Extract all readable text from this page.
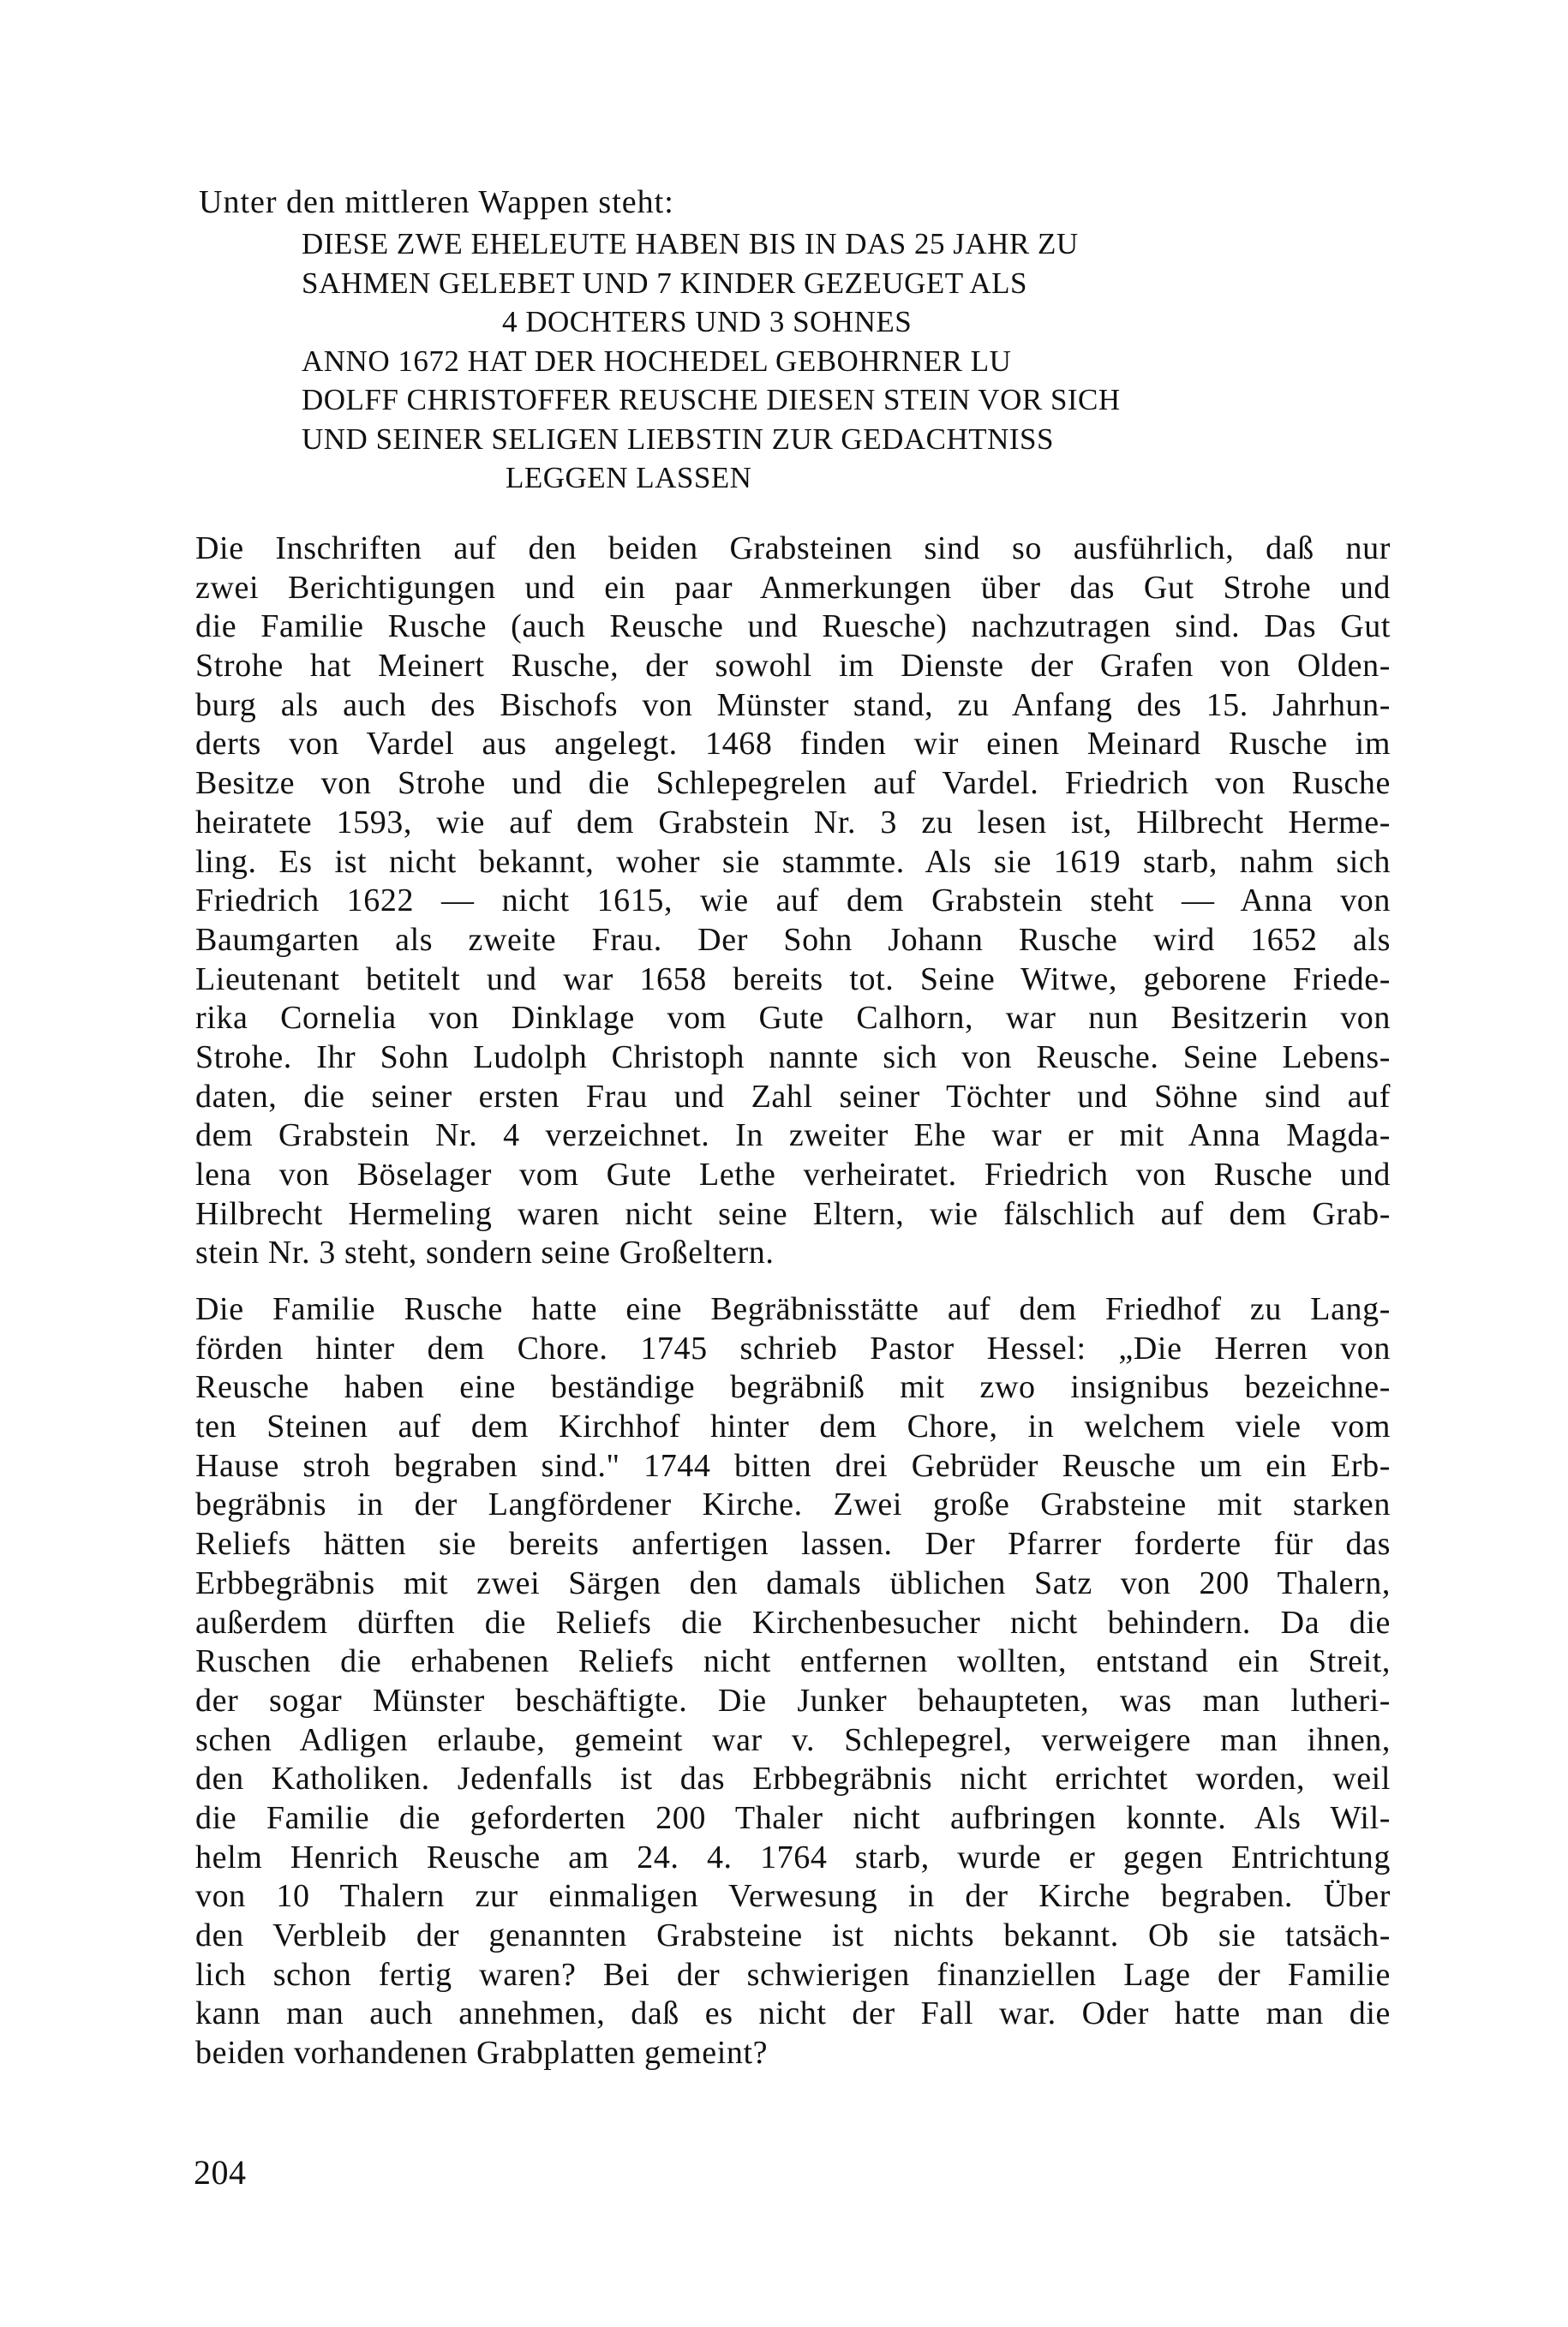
Unter den mittleren Wappen steht:

DIESE ZWE EHELEUTE HABEN BIS IN DAS 25 JAHR ZU
SAHMEN GELEBET UND 7 KINDER GEZEUGET ALS
4 DOCHTERS UND 3 SOHNES
ANNO 1672 HAT DER HOCHEDEL GEBOHRNER LU
DOLFF CHRISTOFFER REUSCHE DIESEN STEIN VOR SICH
UND SEINER SELIGEN LIEBSTIN ZUR GEDACHTNISS
LEGGEN LASSEN
Die Inschriften auf den beiden Grabsteinen sind so ausführlich, daß nur
zwei Berichtigungen und ein paar Anmerkungen über das Gut Strohe und
die Familie Rusche (auch Reusche und Ruesche) nachzutragen sind. Das Gut
Strohe hat Meinert Rusche, der sowohl im Dienste der Grafen von Olden-
burg als auch des Bischofs von Münster stand, zu Anfang des 15. Jahrhun-
derts von Vardel aus angelegt. 1468 finden wir einen Meinard Rusche im
Besitze von Strohe und die Schlepegrelen auf Vardel. Friedrich von Rusche
heiratete 1593, wie auf dem Grabstein Nr. 3 zu lesen ist, Hilbrecht Herme-
ling. Es ist nicht bekannt, woher sie stammte. Als sie 1619 starb, nahm sich
Friedrich 1622 — nicht 1615, wie auf dem Grabstein steht — Anna von
Baumgarten als zweite Frau. Der Sohn Johann Rusche wird 1652 als
Lieutenant betitelt und war 1658 bereits tot. Seine Witwe, geborene Friede-
rika Cornelia von Dinklage vom Gute Calhorn, war nun Besitzerin von
Strohe. Ihr Sohn Ludolph Christoph nannte sich von Reusche. Seine Lebens-
daten, die seiner ersten Frau und Zahl seiner Töchter und Söhne sind auf
dem Grabstein Nr. 4 verzeichnet. In zweiter Ehe war er mit Anna Magda-
lena von Böselager vom Gute Lethe verheiratet. Friedrich von Rusche und
Hilbrecht Hermeling waren nicht seine Eltern, wie fälschlich auf dem Grab-
stein Nr. 3 steht, sondern seine Großeltern.
Die Familie Rusche hatte eine Begräbnisstätte auf dem Friedhof zu Lang-
förden hinter dem Chore. 1745 schrieb Pastor Hessel: „Die Herren von
Reusche haben eine beständige begräbniß mit zwo insignibus bezeichne-
ten Steinen auf dem Kirchhof hinter dem Chore, in welchem viele vom
Hause stroh begraben sind." 1744 bitten drei Gebrüder Reusche um ein Erb-
begräbnis in der Langfördener Kirche. Zwei große Grabsteine mit starken
Reliefs hätten sie bereits anfertigen lassen. Der Pfarrer forderte für das
Erbbegräbnis mit zwei Särgen den damals üblichen Satz von 200 Thalern,
außerdem dürften die Reliefs die Kirchenbesucher nicht behindern. Da die
Ruschen die erhabenen Reliefs nicht entfernen wollten, entstand ein Streit,
der sogar Münster beschäftigte. Die Junker behaupteten, was man lutheri-
schen Adligen erlaube, gemeint war v. Schlepegrel, verweigere man ihnen,
den Katholiken. Jedenfalls ist das Erbbegräbnis nicht errichtet worden, weil
die Familie die geforderten 200 Thaler nicht aufbringen konnte. Als Wil-
helm Henrich Reusche am 24. 4. 1764 starb, wurde er gegen Entrichtung
von 10 Thalern zur einmaligen Verwesung in der Kirche begraben. Über
den Verbleib der genannten Grabsteine ist nichts bekannt. Ob sie tatsäch-
lich schon fertig waren? Bei der schwierigen finanziellen Lage der Familie
kann man auch annehmen, daß es nicht der Fall war. Oder hatte man die
beiden vorhandenen Grabplatten gemeint?
204
